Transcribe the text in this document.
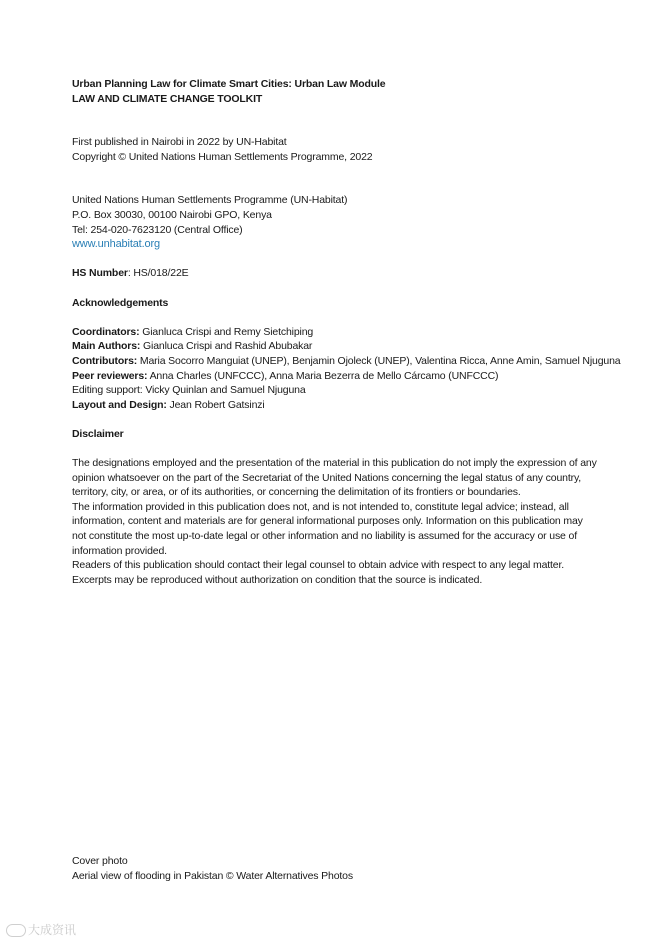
Urban Planning Law for Climate Smart Cities: Urban Law Module
LAW AND CLIMATE CHANGE TOOLKIT
First published in Nairobi in 2022 by UN-Habitat
Copyright © United Nations Human Settlements Programme, 2022
United Nations Human Settlements Programme (UN-Habitat)
P.O. Box 30030, 00100 Nairobi GPO, Kenya
Tel: 254-020-7623120 (Central Office)
www.unhabitat.org
HS Number: HS/018/22E
Acknowledgements
Coordinators: Gianluca Crispi and Remy Sietchiping
Main Authors: Gianluca Crispi and Rashid Abubakar
Contributors: Maria Socorro Manguiat (UNEP), Benjamin Ojoleck (UNEP), Valentina Ricca, Anne Amin, Samuel Njuguna
Peer reviewers: Anna Charles (UNFCCC), Anna Maria Bezerra de Mello Cárcamo (UNFCCC)
Editing support: Vicky Quinlan and Samuel Njuguna
Layout and Design: Jean Robert Gatsinzi
Disclaimer
The designations employed and the presentation of the material in this publication do not imply the expression of any opinion whatsoever on the part of the Secretariat of the United Nations concerning the legal status of any country, territory, city, or area, or of its authorities, or concerning the delimitation of its frontiers or boundaries.
The information provided in this publication does not, and is not intended to, constitute legal advice; instead, all information, content and materials are for general informational purposes only. Information on this publication may not constitute the most up-to-date legal or other information and no liability is assumed for the accuracy or use of information provided.
Readers of this publication should contact their legal counsel to obtain advice with respect to any legal matter.
Excerpts may be reproduced without authorization on condition that the source is indicated.
Cover photo
Aerial view of flooding in Pakistan © Water Alternatives Photos
大成资讯
